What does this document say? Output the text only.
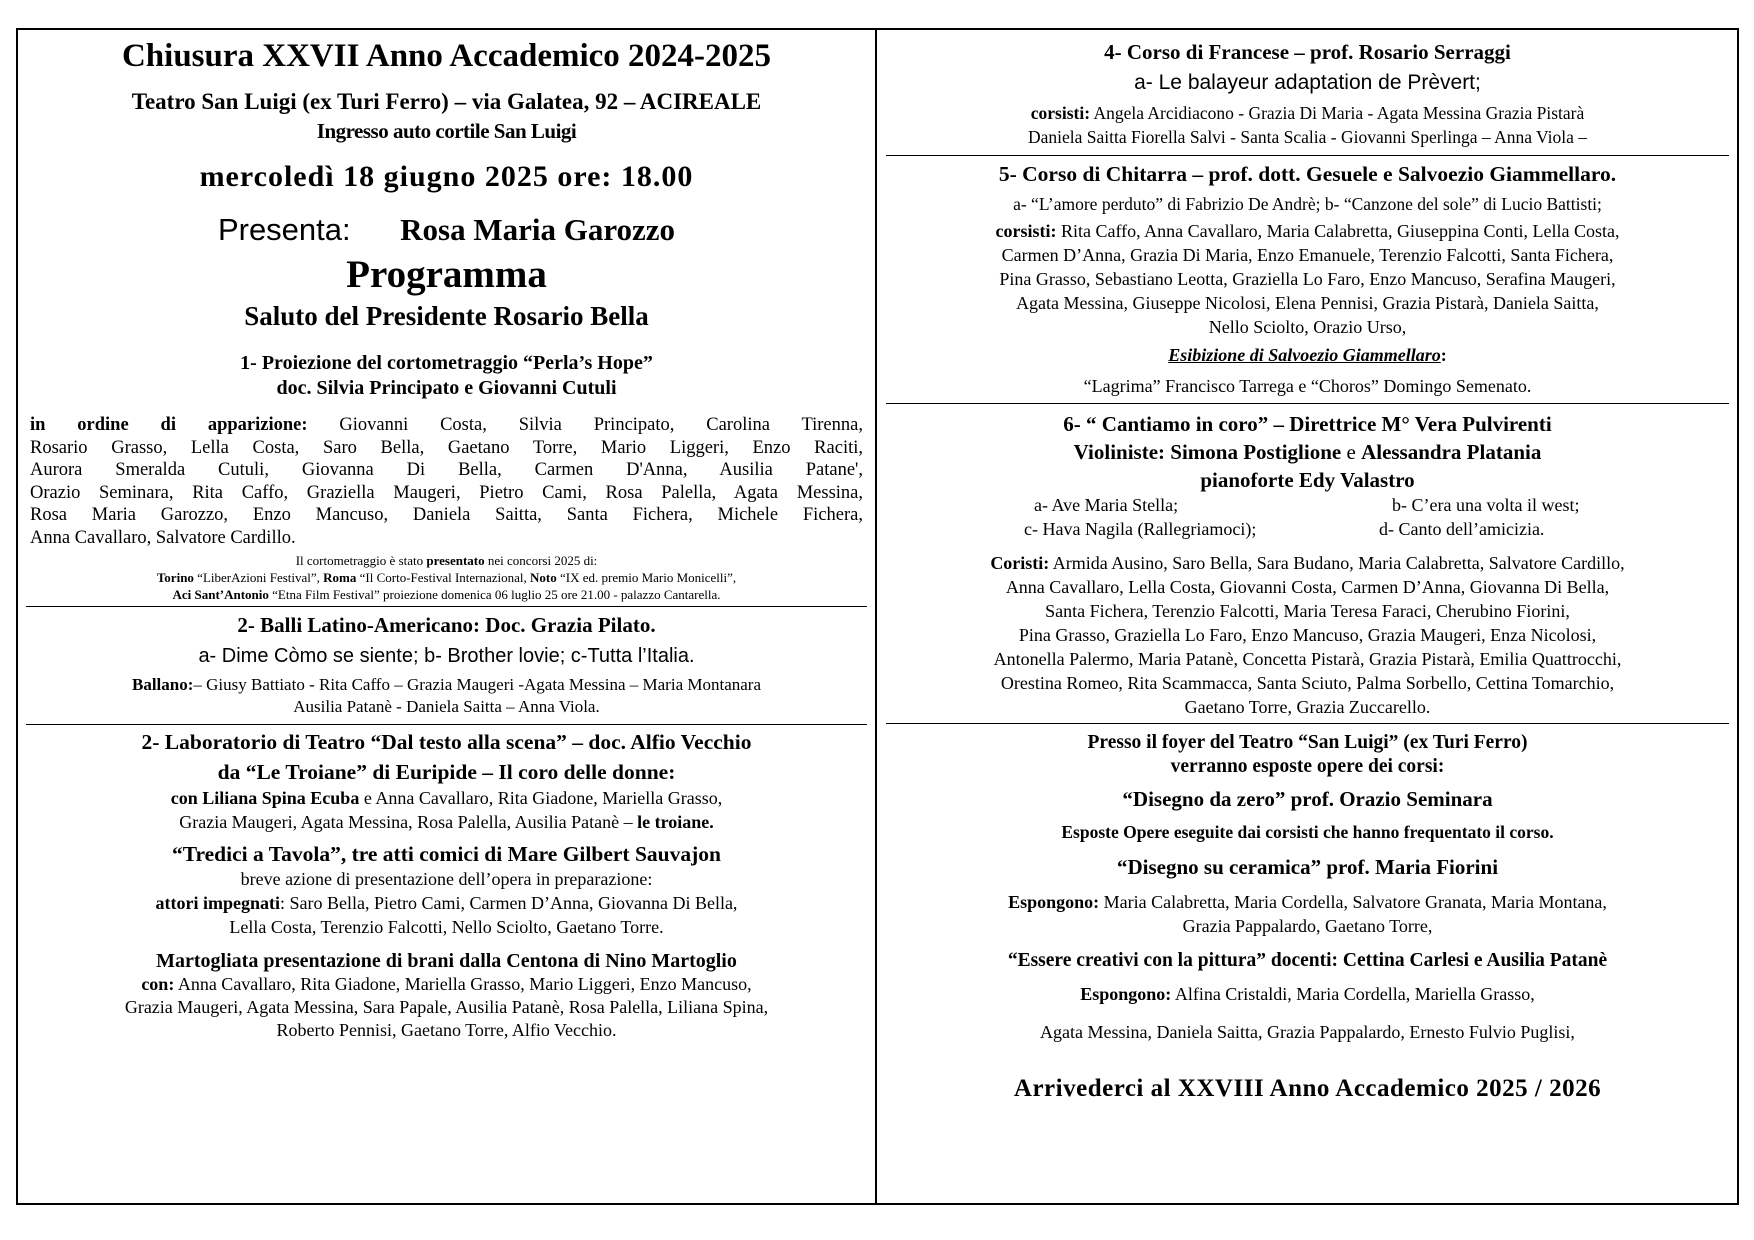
Chiusura XXVII Anno Accademico 2024-2025

Teatro San Luigi (ex Turi Ferro) – via Galatea, 92 – ACIREALE

Ingresso auto cortile San Luigi

mercoledì 18 giugno 2025 ore: 18.00

Presenta: Rosa Maria Garozzo

Programma

Saluto del Presidente Rosario Bella

1- Proiezione del cortometraggio “Perla’s Hope”

doc. Silvia Principato e Giovanni Cutuli

in ordine di apparizione: Giovanni Costa, Silvia Principato, Carolina Tirenna,

Rosario Grasso, Lella Costa, Saro Bella, Gaetano Torre, Mario Liggeri, Enzo Raciti,

Aurora Smeralda Cutuli, Giovanna Di Bella, Carmen D'Anna, Ausilia Patane',

Orazio Seminara, Rita Caffo, Graziella Maugeri, Pietro Cami, Rosa Palella, Agata Messina,

Rosa Maria Garozzo, Enzo Mancuso, Daniela Saitta, Santa Fichera, Michele Fichera,

Anna Cavallaro, Salvatore Cardillo.

Il cortometraggio è stato presentato nei concorsi 2025 di:

Torino “LiberAzioni Festival”, Roma “Il Corto-Festival Internazional, Noto “IX ed. premio Mario Monicelli”,

Aci Sant’Antonio “Etna Film Festival” proiezione domenica 06 luglio 25 ore 21.00 - palazzo Cantarella.

2- Balli Latino-Americano: Doc. Grazia Pilato.

a- Dime Còmo se siente; b- Brother lovie; c-Tutta l’Italia.

Ballano:– Giusy Battiato - Rita Caffo – Grazia Maugeri -Agata Messina – Maria Montanara

Ausilia Patanè - Daniela Saitta – Anna Viola.

2- Laboratorio di Teatro “Dal testo alla scena” – doc. Alfio Vecchio

da “Le Troiane” di Euripide – Il coro delle donne:

con Liliana Spina Ecuba e Anna Cavallaro, Rita Giadone, Mariella Grasso,

Grazia Maugeri, Agata Messina, Rosa Palella, Ausilia Patanè – le troiane.

“Tredici a Tavola”, tre atti comici di Mare Gilbert Sauvajon

breve azione di presentazione dell’opera in preparazione:

attori impegnati: Saro Bella, Pietro Cami, Carmen D’Anna, Giovanna Di Bella,

Lella Costa, Terenzio Falcotti, Nello Sciolto, Gaetano Torre.

Martogliata presentazione di brani dalla Centona di Nino Martoglio

con: Anna Cavallaro, Rita Giadone, Mariella Grasso, Mario Liggeri, Enzo Mancuso,

Grazia Maugeri, Agata Messina, Sara Papale, Ausilia Patanè, Rosa Palella, Liliana Spina,

Roberto Pennisi, Gaetano Torre, Alfio Vecchio.

4- Corso di Francese – prof. Rosario Serraggi

a- Le balayeur adaptation de Prèvert;

corsisti: Angela Arcidiacono - Grazia Di Maria - Agata Messina Grazia Pistarà

Daniela Saitta Fiorella Salvi - Santa Scalia - Giovanni Sperlinga – Anna Viola –

5- Corso di Chitarra – prof. dott. Gesuele e Salvoezio Giammellaro.

a- “L’amore perduto” di Fabrizio De Andrè; b- “Canzone del sole” di Lucio Battisti;

corsisti: Rita Caffo, Anna Cavallaro, Maria Calabretta, Giuseppina Conti, Lella Costa,

Carmen D’Anna, Grazia Di Maria, Enzo Emanuele, Terenzio Falcotti, Santa Fichera,

Pina Grasso, Sebastiano Leotta, Graziella Lo Faro, Enzo Mancuso, Serafina Maugeri,

Agata Messina, Giuseppe Nicolosi, Elena Pennisi, Grazia Pistarà, Daniela Saitta,

Nello Sciolto, Orazio Urso,

Esibizione di Salvoezio Giammellaro:

“Lagrima” Francisco Tarrega e “Choros” Domingo Semenato.

6- “ Cantiamo in coro” – Direttrice M° Vera Pulvirenti

Violiniste: Simona Postiglione e Alessandra Platania

pianoforte Edy Valastro

a- Ave Maria Stella;	b- C’era una volta il west;
c- Hava Nagila (Rallegriamoci);	d- Canto dell’amicizia.

Coristi: Armida Ausino, Saro Bella, Sara Budano, Maria Calabretta, Salvatore Cardillo,

Anna Cavallaro, Lella Costa, Giovanni Costa, Carmen D’Anna, Giovanna Di Bella,

Santa Fichera, Terenzio Falcotti, Maria Teresa Faraci, Cherubino Fiorini,

Pina Grasso, Graziella Lo Faro, Enzo Mancuso, Grazia Maugeri, Enza Nicolosi,

Antonella Palermo, Maria Patanè, Concetta Pistarà, Grazia Pistarà, Emilia Quattrocchi,

Orestina Romeo, Rita Scammacca, Santa Sciuto, Palma Sorbello, Cettina Tomarchio,

Gaetano Torre, Grazia Zuccarello.

Presso il foyer del Teatro “San Luigi” (ex Turi Ferro)

verranno esposte opere dei corsi:

“Disegno da zero” prof. Orazio Seminara

Esposte Opere eseguite dai corsisti che hanno frequentato il corso.

“Disegno su ceramica” prof. Maria Fiorini

Espongono: Maria Calabretta, Maria Cordella, Salvatore Granata, Maria Montana,

Grazia Pappalardo, Gaetano Torre,

“Essere creativi con la pittura” docenti: Cettina Carlesi e Ausilia Patanè

Espongono: Alfina Cristaldi, Maria Cordella, Mariella Grasso,

Agata Messina, Daniela Saitta, Grazia Pappalardo, Ernesto Fulvio Puglisi,

Arrivederci al XXVIII Anno Accademico 2025 / 2026
